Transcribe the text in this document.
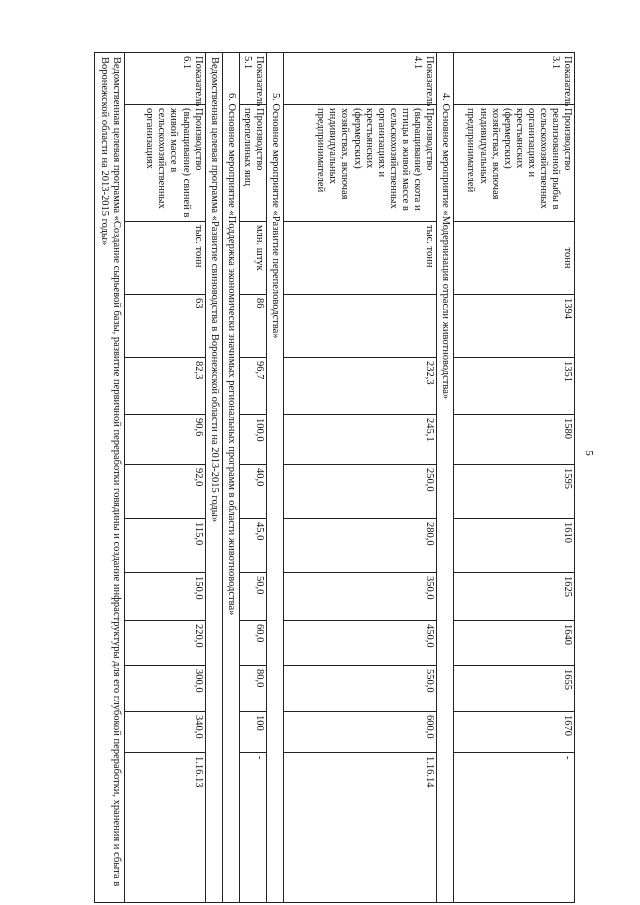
5
Показатель 3.1	Производство реализованной рыбы в сельскохозяйственных организациях и крестьянских (фермерских) хозяйствах, включая индивидуальных предпринимателей	тонн	1394	1351	1580	1595	1610	1625	1640	1655	1670	-
4. Основное мероприятие «Модернизация отрасли животноводства»												
Показатель 4.1	Производство (выращивание) скота и птицы в живой массе в сельскохозяйственных организациях и крестьянских (фермерских) хозяйствах, включая индивидуальных предпринимателей	тыс. тонн		232,3	245,1	250,0	280,0	350,0	450,0	550,0	600,0	1.16.14
5. Основное мероприятие «Развитие перепеловодства»												
Показатель 5.1	Производство перепелиных яиц	млн. штук	86	96,7	100,0	40,0	45,0	50,0	60,0	80,0	100	-
6. Основное мероприятие «Поддержка экономически значимых региональных программ в области животноводства»												
Ведомственная целевая программа «Развитие свиноводства в Воронежской области на 2013-2015 годы»												
Показатель 6.1	Производство (выращивание) свиней в живой массе в сельскохозяйственных организациях	тыс. тонн	63	82,3	90,6	92,0	115,0	150,0	220,0	300,0	340,0	1.16.13
Ведомственная целевая программа «Создание сырьевой базы, развитие первичной переработки говядины и создание инфраструктуры для его глубокой переработки, хранения и сбыта в Воронежской области на 2013-2015 годы»												
